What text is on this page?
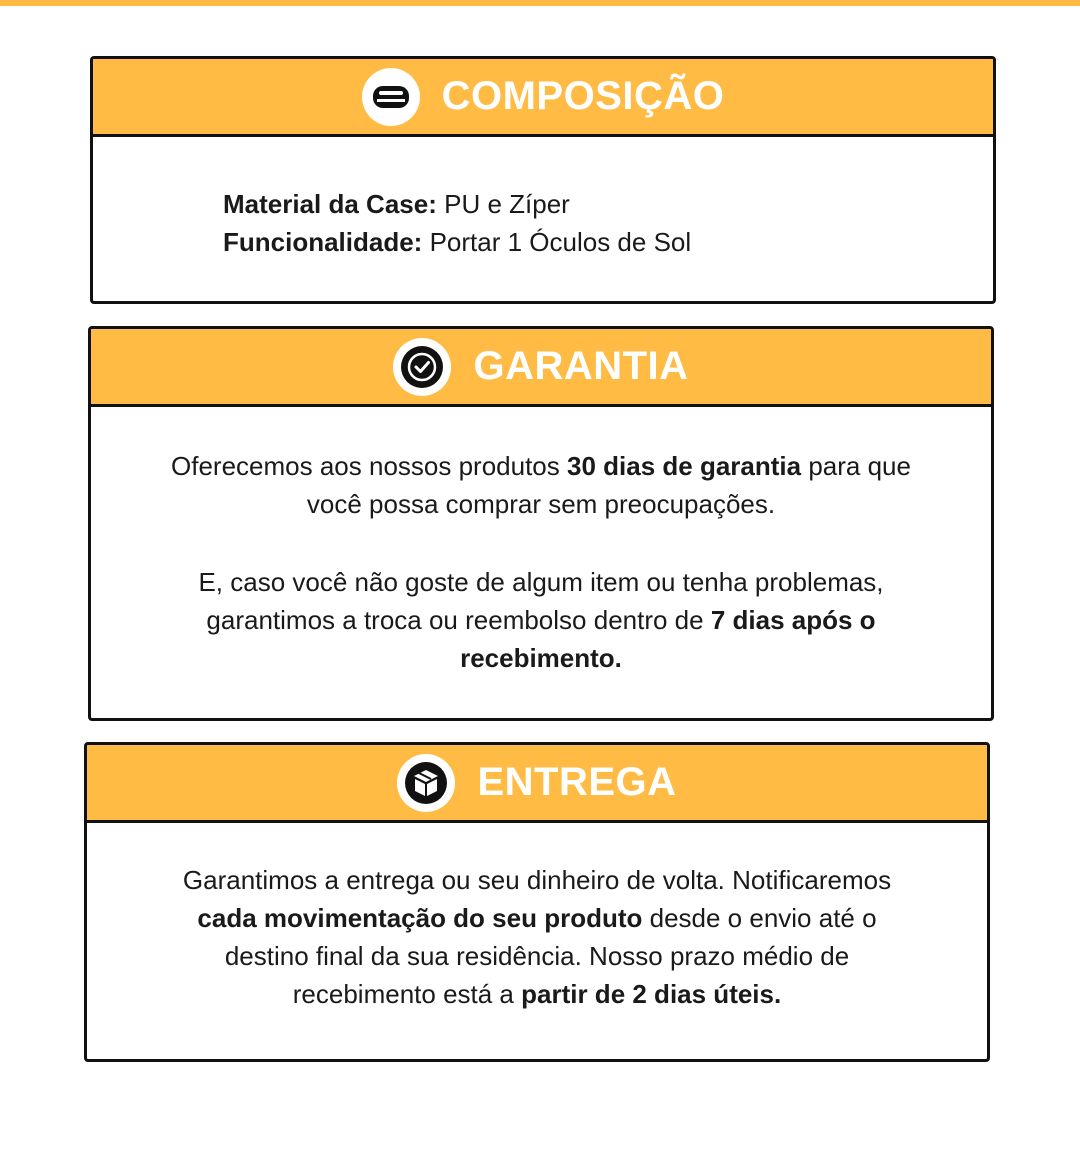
COMPOSIÇÃO
Material da Case: PU e Zíper
Funcionalidade: Portar 1 Óculos de Sol
GARANTIA
Oferecemos aos nossos produtos 30 dias de garantia para que
você possa comprar sem preocupações.
E, caso você não goste de algum item ou tenha problemas,
garantimos a troca ou reembolso dentro de 7 dias após o
recebimento.
ENTREGA
Garantimos a entrega ou seu dinheiro de volta. Notificaremos
cada movimentação do seu produto desde o envio até o
destino final da sua residência. Nosso prazo médio de
recebimento está a partir de 2 dias úteis.
